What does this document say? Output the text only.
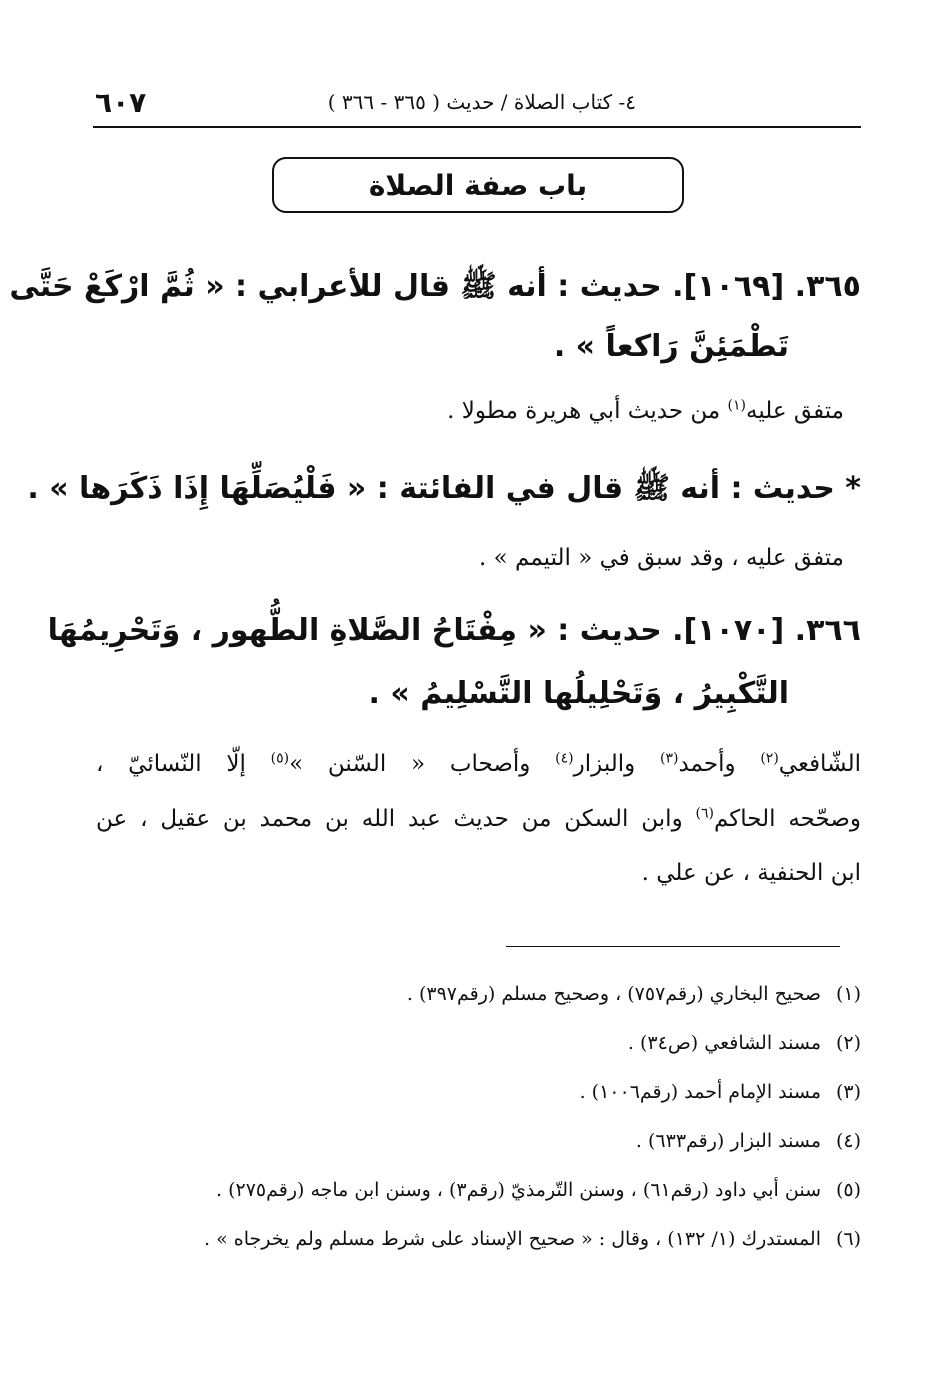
٦٠٧	٤- كتاب الصلاة / حديث ( ٣٦٥ - ٣٦٦ )
باب صفة الصلاة
٣٦٥. [١٠٦٩]. حديث : أنه ﷺ قال للأعرابي : « ثُمَّ ارْكَعْ حَتَّى
تَطْمَئِنَّ رَاكعاً » .
متفق عليه$^{(١)}$ من حديث أبي هريرة مطولا .
* حديث : أنه ﷺ قال في الفائتة : « فَلْيُصَلِّهَا إِذَا ذَكَرَها » .
متفق عليه ، وقد سبق في « التيمم » .
٣٦٦. [١٠٧٠]. حديث : « مِفْتَاحُ الصَّلاةِ الطُّهور ، وَتَحْرِيمُهَا
التَّكْبِيرُ ، وَتَحْلِيلُها التَّسْلِيمُ » .
الشّافعي$^{(٢)}$ وأحمد$^{(٣)}$ والبزار$^{(٤)}$ وأصحاب « السّنن »$^{(٥)}$ إلّا النّسائيّ ،
وصحّحه الحاكم$^{(٦)}$ وابن السكن من حديث عبد الله بن محمد بن عقيل ، عن
ابن الحنفية ، عن علي .
(١)صحيح البخاري (رقم٧٥٧) ، وصحيح مسلم (رقم٣٩٧) .
(٢)مسند الشافعي (ص٣٤) .
(٣)مسند الإمام أحمد (رقم١٠٠٦) .
(٤)مسند البزار (رقم٦٣٣) .
(٥)سنن أبي داود (رقم٦١) ، وسنن التّرمذيّ (رقم٣) ، وسنن ابن ماجه (رقم٢٧٥) .
(٦)المستدرك (١/ ١٣٢) ، وقال : « صحيح الإسناد على شرط مسلم ولم يخرجاه » .
